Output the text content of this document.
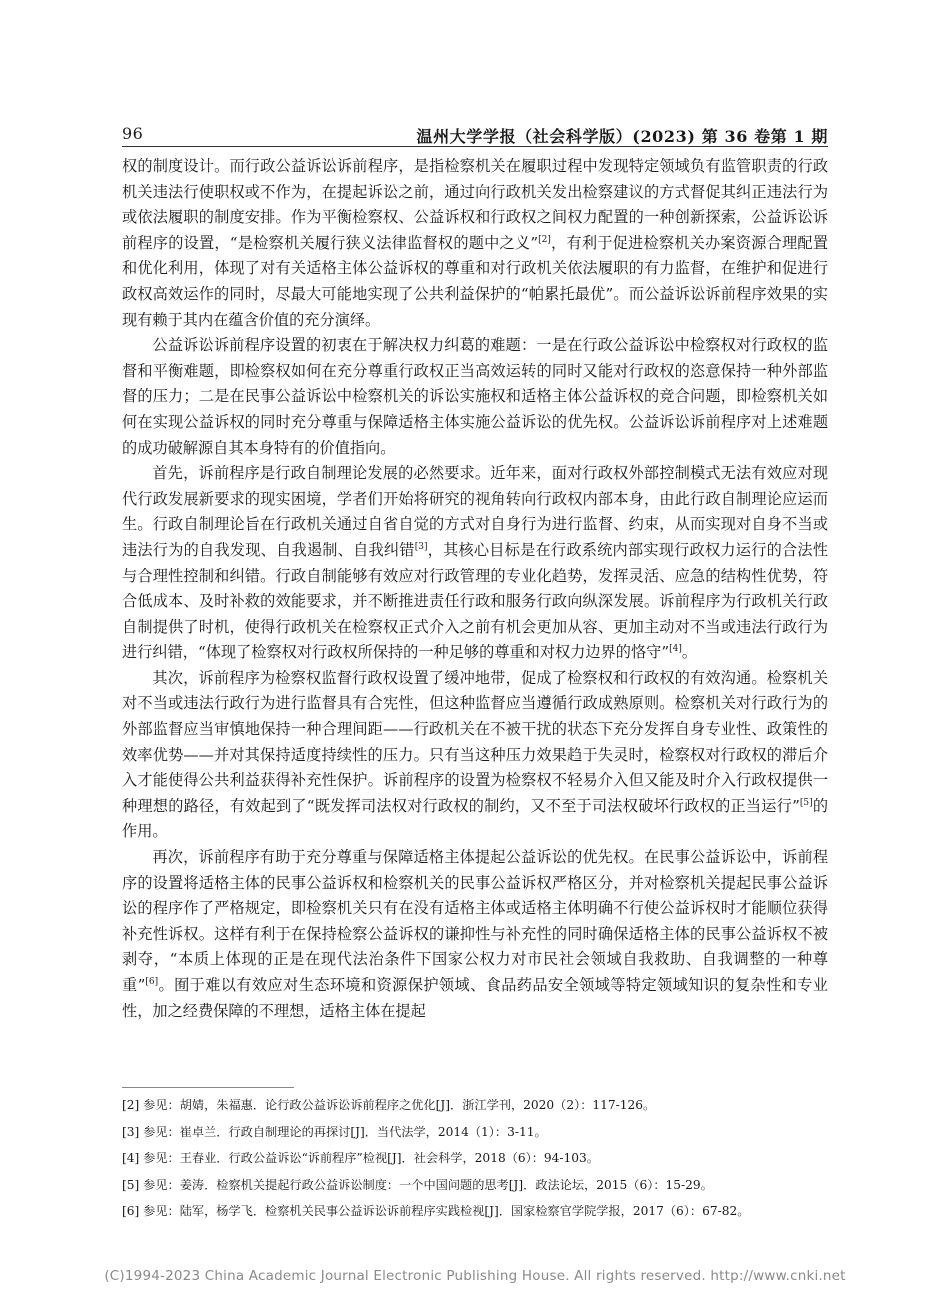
96	温州大学学报（社会科学版）(2023) 第 36 卷第 1 期

权的制度设计。而行政公益诉讼诉前程序，是指检察机关在履职过程中发现特定领域负有监管职责的行政机关违法行使职权或不作为，在提起诉讼之前，通过向行政机关发出检察建议的方式督促其纠正违法行为或依法履职的制度安排。作为平衡检察权、公益诉权和行政权之间权力配置的一种创新探索，公益诉讼诉前程序的设置，“是检察机关履行狭义法律监督权的题中之义”[2]，有利于促进检察机关办案资源合理配置和优化利用，体现了对有关适格主体公益诉权的尊重和对行政机关依法履职的有力监督，在维护和促进行政权高效运作的同时，尽最大可能地实现了公共利益保护的“帕累托最优”。而公益诉讼诉前程序效果的实现有赖于其内在蕴含价值的充分演绎。

公益诉讼诉前程序设置的初衷在于解决权力纠葛的难题：一是在行政公益诉讼中检察权对行政权的监督和平衡难题，即检察权如何在充分尊重行政权正当高效运转的同时又能对行政权的恣意保持一种外部监督的压力；二是在民事公益诉讼中检察机关的诉讼实施权和适格主体公益诉权的竞合问题，即检察机关如何在实现公益诉权的同时充分尊重与保障适格主体实施公益诉讼的优先权。公益诉讼诉前程序对上述难题的成功破解源自其本身特有的价值指向。

首先，诉前程序是行政自制理论发展的必然要求。近年来，面对行政权外部控制模式无法有效应对现代行政发展新要求的现实困境，学者们开始将研究的视角转向行政权内部本身，由此行政自制理论应运而生。行政自制理论旨在行政机关通过自省自觉的方式对自身行为进行监督、约束，从而实现对自身不当或违法行为的自我发现、自我遏制、自我纠错[3]，其核心目标是在行政系统内部实现行政权力运行的合法性与合理性控制和纠错。行政自制能够有效应对行政管理的专业化趋势，发挥灵活、应急的结构性优势，符合低成本、及时补救的效能要求，并不断推进责任行政和服务行政向纵深发展。诉前程序为行政机关行政自制提供了时机，使得行政机关在检察权正式介入之前有机会更加从容、更加主动对不当或违法行政行为进行纠错，“体现了检察权对行政权所保持的一种足够的尊重和对权力边界的恪守”[4]。

其次，诉前程序为检察权监督行政权设置了缓冲地带，促成了检察权和行政权的有效沟通。检察机关对不当或违法行政行为进行监督具有合宪性，但这种监督应当遵循行政成熟原则。检察机关对行政行为的外部监督应当审慎地保持一种合理间距——行政机关在不被干扰的状态下充分发挥自身专业性、政策性的效率优势——并对其保持适度持续性的压力。只有当这种压力效果趋于失灵时，检察权对行政权的滞后介入才能使得公共利益获得补充性保护。诉前程序的设置为检察权不轻易介入但又能及时介入行政权提供一种理想的路径，有效起到了“既发挥司法权对行政权的制约，又不至于司法权破坏行政权的正当运行”[5]的作用。

再次，诉前程序有助于充分尊重与保障适格主体提起公益诉讼的优先权。在民事公益诉讼中，诉前程序的设置将适格主体的民事公益诉权和检察机关的民事公益诉权严格区分，并对检察机关提起民事公益诉讼的程序作了严格规定，即检察机关只有在没有适格主体或适格主体明确不行使公益诉权时才能顺位获得补充性诉权。这样有利于在保持检察公益诉权的谦抑性与补充性的同时确保适格主体的民事公益诉权不被剥夺，“本质上体现的正是在现代法治条件下国家公权力对市民社会领域自我救助、自我调整的一种尊重”[6]。囿于难以有效应对生态环境和资源保护领域、食品药品安全领域等特定领域知识的复杂性和专业性，加之经费保障的不理想，适格主体在提起

[2] 参见：胡婧，朱福惠．论行政公益诉讼诉前程序之优化[J]．浙江学刊，2020（2）：117-126。
[3] 参见：崔卓兰．行政自制理论的再探讨[J]．当代法学，2014（1）：3-11。
[4] 参见：王春业．行政公益诉讼“诉前程序”检视[J]．社会科学，2018（6）：94-103。
[5] 参见：姜涛．检察机关提起行政公益诉讼制度：一个中国问题的思考[J]．政法论坛，2015（6）：15-29。
[6] 参见：陆军，杨学飞．检察机关民事公益诉讼诉前程序实践检视[J]．国家检察官学院学报，2017（6）：67-82。
(C)1994-2023 China Academic Journal Electronic Publishing House. All rights reserved. http://www.cnki.net
